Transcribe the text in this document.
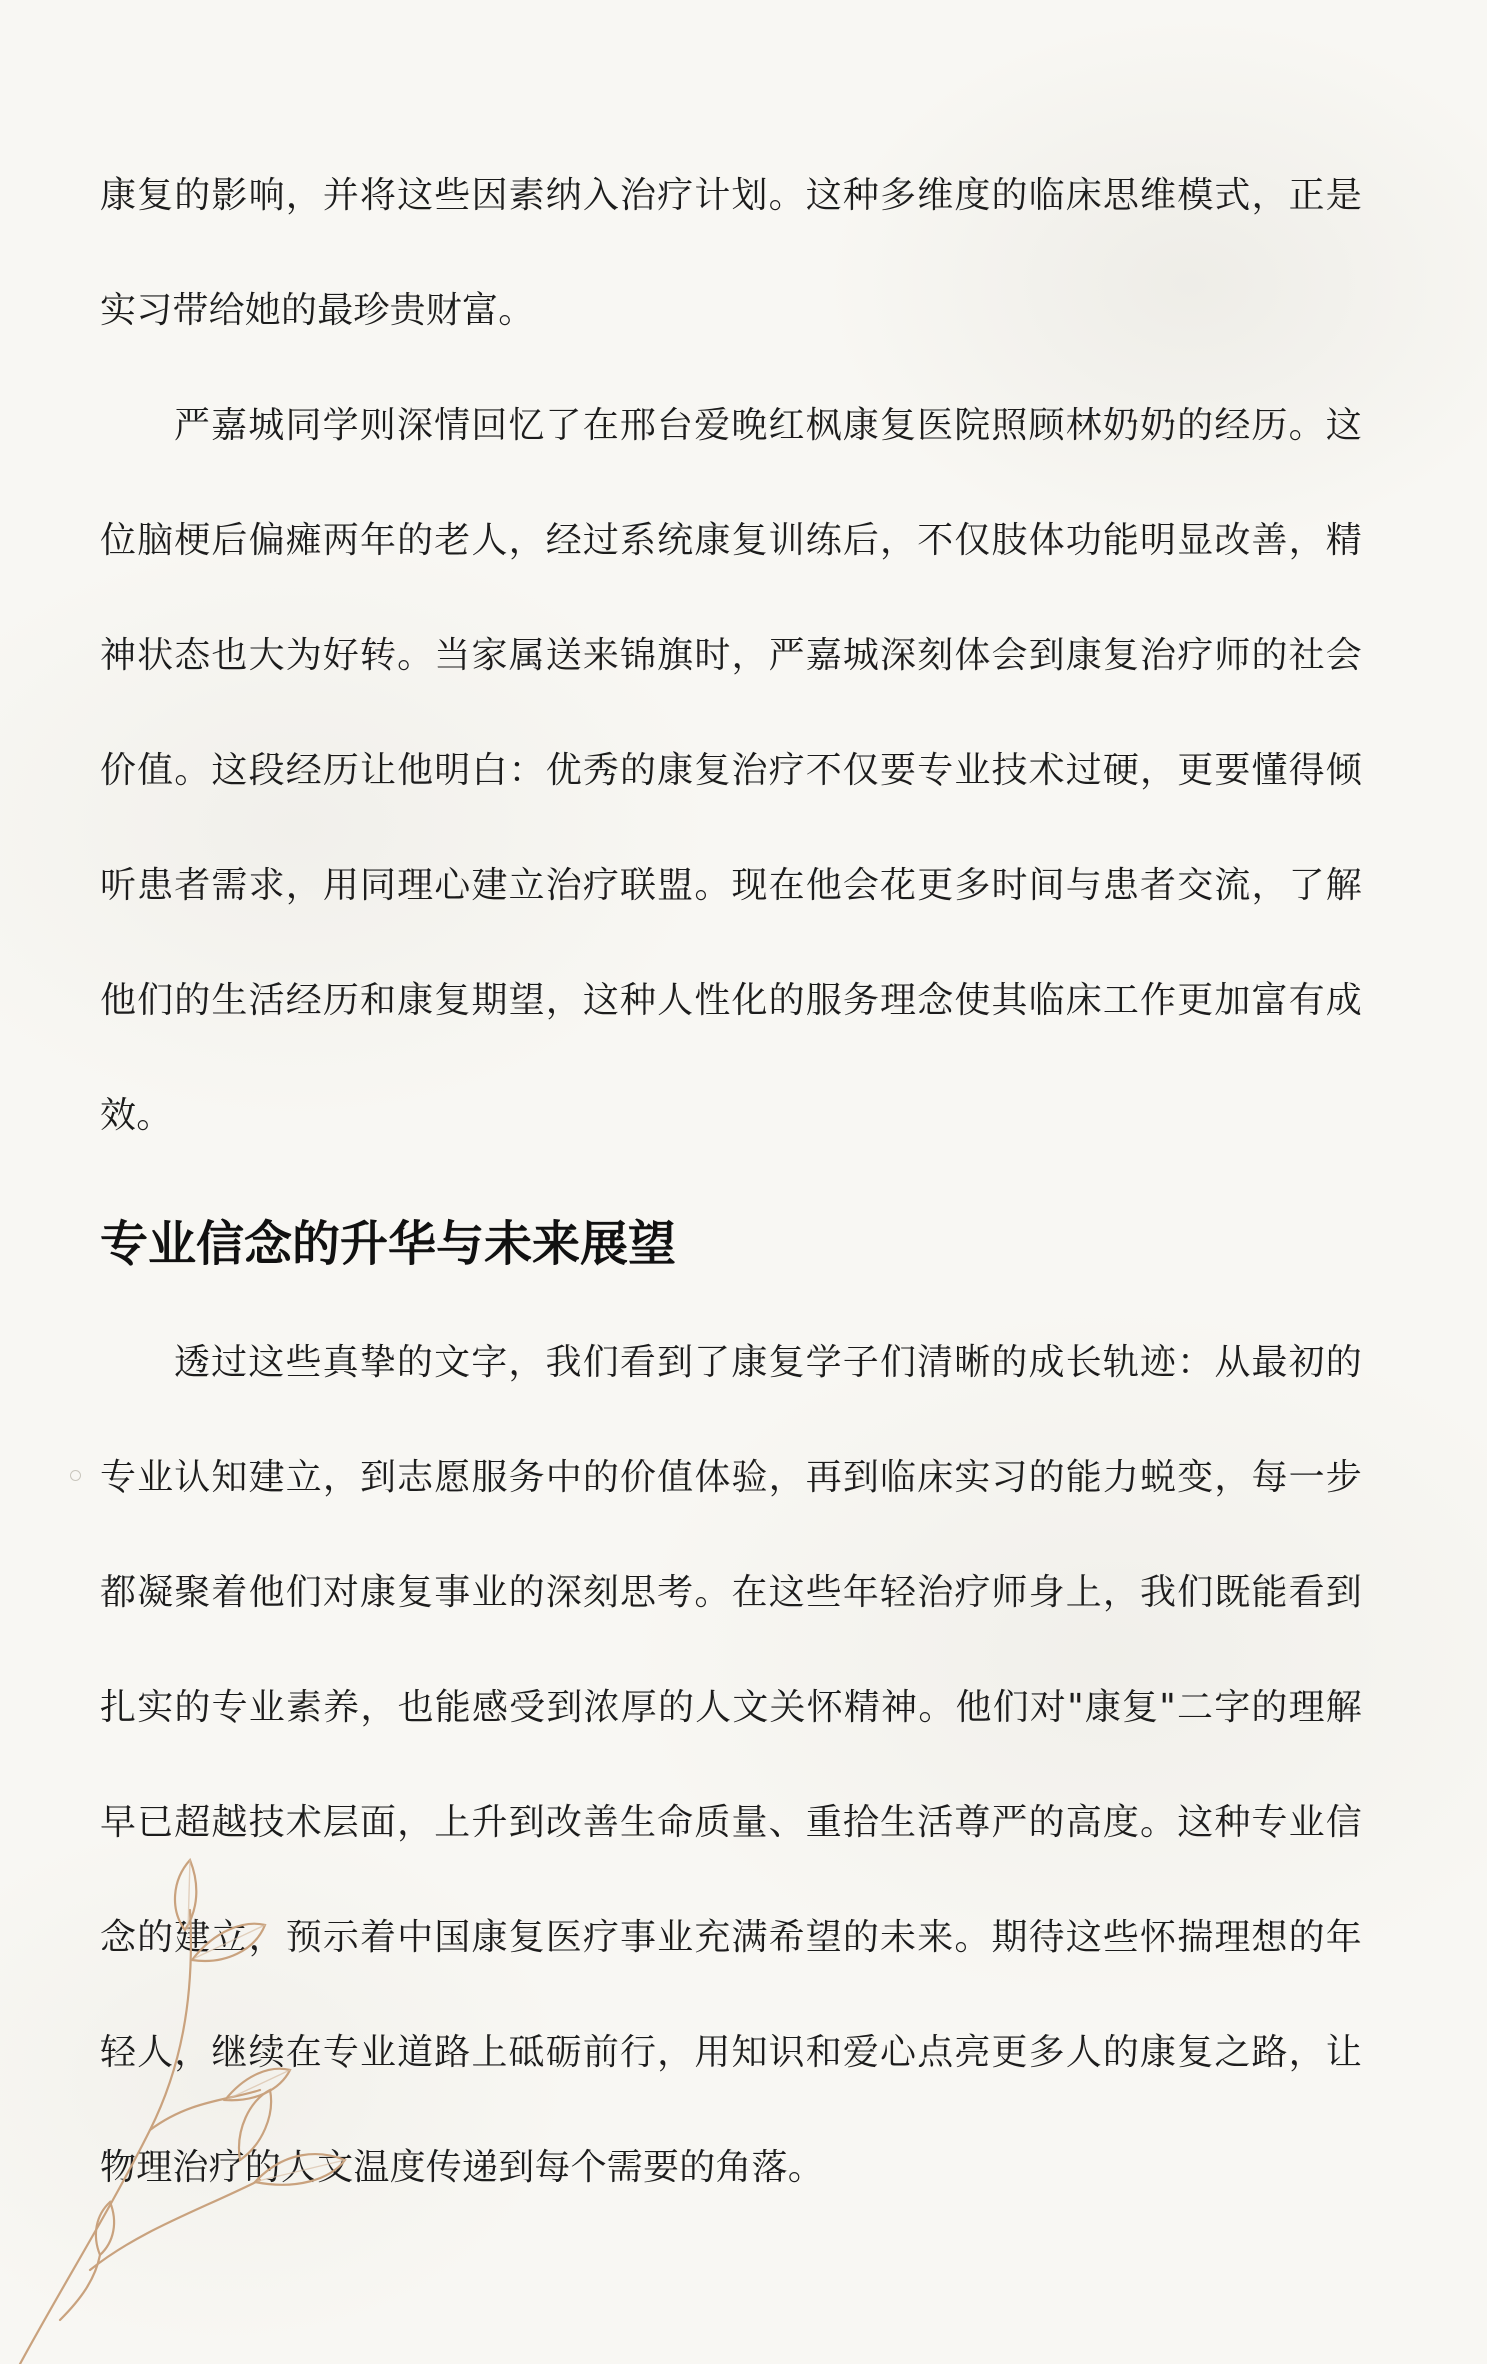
康复的影响，并将这些因素纳入治疗计划。这种多维度的临床思维模式，正是实习带给她的最珍贵财富。

严嘉城同学则深情回忆了在邢台爱晚红枫康复医院照顾林奶奶的经历。这位脑梗后偏瘫两年的老人，经过系统康复训练后，不仅肢体功能明显改善，精神状态也大为好转。当家属送来锦旗时，严嘉城深刻体会到康复治疗师的社会价值。这段经历让他明白：优秀的康复治疗不仅要专业技术过硬，更要懂得倾听患者需求，用同理心建立治疗联盟。现在他会花更多时间与患者交流，了解他们的生活经历和康复期望，这种人性化的服务理念使其临床工作更加富有成效。

专业信念的升华与未来展望

透过这些真挚的文字，我们看到了康复学子们清晰的成长轨迹：从最初的专业认知建立，到志愿服务中的价值体验，再到临床实习的能力蜕变，每一步都凝聚着他们对康复事业的深刻思考。在这些年轻治疗师身上，我们既能看到扎实的专业素养，也能感受到浓厚的人文关怀精神。他们对"康复"二字的理解早已超越技术层面，上升到改善生命质量、重拾生活尊严的高度。这种专业信念的建立，预示着中国康复医疗事业充满希望的未来。期待这些怀揣理想的年轻人，继续在专业道路上砥砺前行，用知识和爱心点亮更多人的康复之路，让物理治疗的人文温度传递到每个需要的角落。
